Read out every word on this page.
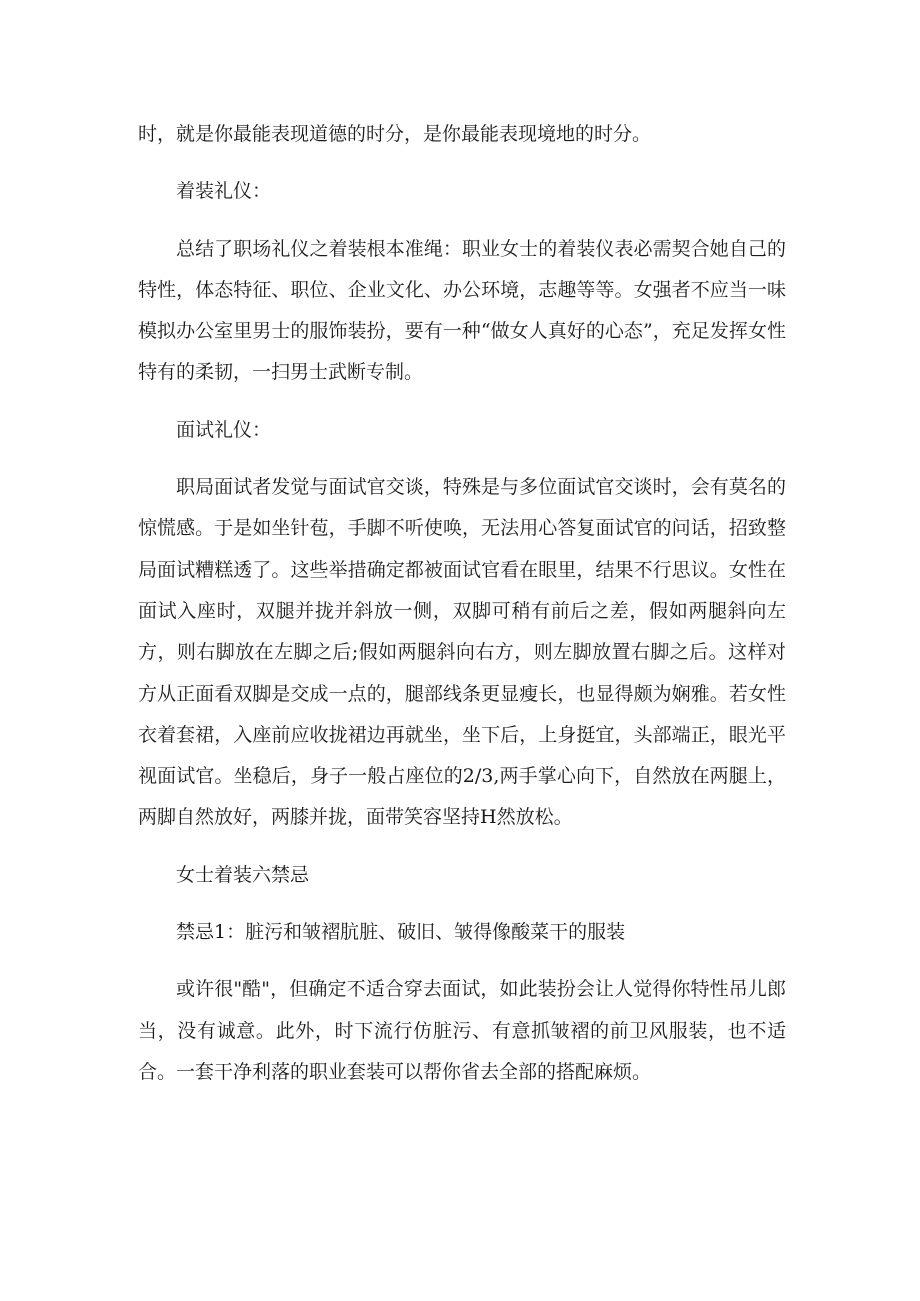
时，就是你最能表现道德的时分，是你最能表现境地的时分。

着装礼仪：

总结了职场礼仪之着装根本准绳：职业女士的着装仪表必需契合她自己的特性，体态特征、职位、企业文化、办公环境，志趣等等。女强者不应当一味模拟办公室里男士的服饰装扮，要有一种“做女人真好的心态”，充足发挥女性特有的柔韧，一扫男士武断专制。

面试礼仪：

职局面试者发觉与面试官交谈，特殊是与多位面试官交谈时，会有莫名的惊慌感。于是如坐针苞，手脚不听使唤，无法用心答复面试官的问话，招致整局面试糟糕透了。这些举措确定都被面试官看在眼里，结果不行思议。女性在面试入座时，双腿并拢并斜放一侧，双脚可稍有前后之差，假如两腿斜向左方，则右脚放在左脚之后;假如两腿斜向右方，则左脚放置右脚之后。这样对方从正面看双脚是交成一点的，腿部线条更显瘦长，也显得颇为娴雅。若女性衣着套裙，入座前应收拢裙边再就坐，坐下后，上身挺宜，头部端正，眼光平视面试官。坐稳后，身子一般占座位的2/3,两手掌心向下，自然放在两腿上，两脚自然放好，两膝并拢，面带笑容坚持H然放松。

女士着装六禁忌

禁忌1：脏污和皱褶肮脏、破旧、皱得像酸菜干的服装

或许很"酷"，但确定不适合穿去面试，如此装扮会让人觉得你特性吊儿郎当，没有诚意。此外，时下流行仿脏污、有意抓皱褶的前卫风服装，也不适合。一套干净利落的职业套装可以帮你省去全部的搭配麻烦。
